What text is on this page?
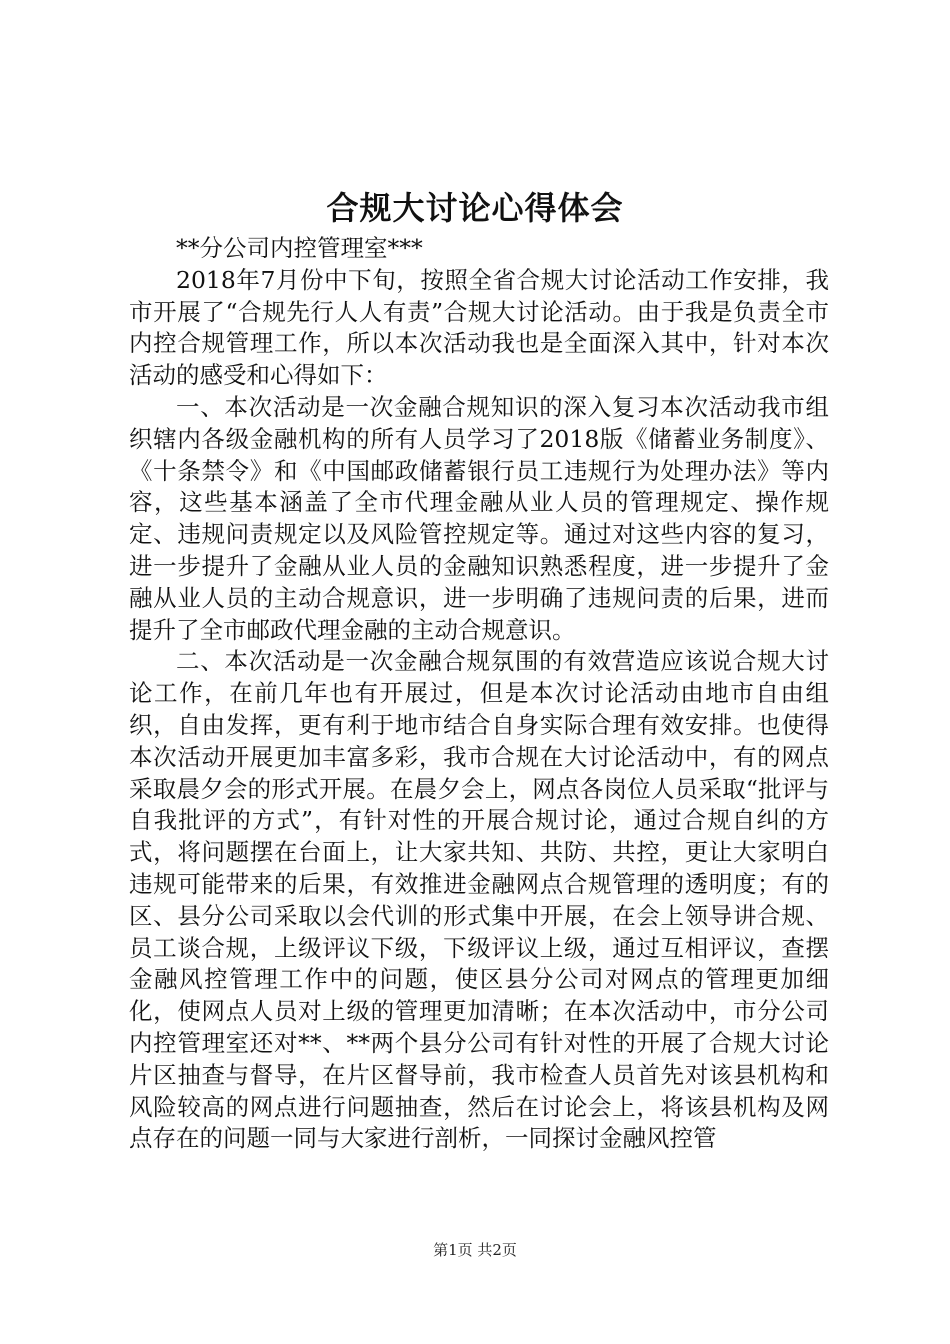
合规大讨论心得体会

**分公司内控管理室***

2018年7月份中下旬，按照全省合规大讨论活动工作安排，我市开展了“合规先行人人有责”合规大讨论活动。由于我是负责全市内控合规管理工作，所以本次活动我也是全面深入其中，针对本次活动的感受和心得如下：

一、本次活动是一次金融合规知识的深入复习本次活动我市组织辖内各级金融机构的所有人员学习了2018版《储蓄业务制度》、《十条禁令》和《中国邮政储蓄银行员工违规行为处理办法》等内容，这些基本涵盖了全市代理金融从业人员的管理规定、操作规定、违规问责规定以及风险管控规定等。通过对这些内容的复习，进一步提升了金融从业人员的金融知识熟悉程度，进一步提升了金融从业人员的主动合规意识，进一步明确了违规问责的后果，进而提升了全市邮政代理金融的主动合规意识。

二、本次活动是一次金融合规氛围的有效营造应该说合规大讨论工作，在前几年也有开展过，但是本次讨论活动由地市自由组织，自由发挥，更有利于地市结合自身实际合理有效安排。也使得本次活动开展更加丰富多彩，我市合规在大讨论活动中，有的网点采取晨夕会的形式开展。在晨夕会上，网点各岗位人员采取“批评与自我批评的方式”，有针对性的开展合规讨论，通过合规自纠的方式，将问题摆在台面上，让大家共知、共防、共控，更让大家明白违规可能带来的后果，有效推进金融网点合规管理的透明度；有的区、县分公司采取以会代训的形式集中开展，在会上领导讲合规、员工谈合规，上级评议下级，下级评议上级，通过互相评议，查摆金融风控管理工作中的问题，使区县分公司对网点的管理更加细化，使网点人员对上级的管理更加清晰；在本次活动中，市分公司内控管理室还对**、**两个县分公司有针对性的开展了合规大讨论片区抽查与督导，在片区督导前，我市检查人员首先对该县机构和风险较高的网点进行问题抽查，然后在讨论会上，将该县机构及网点存在的问题一同与大家进行剖析，一同探讨金融风控管

第1页 共2页
